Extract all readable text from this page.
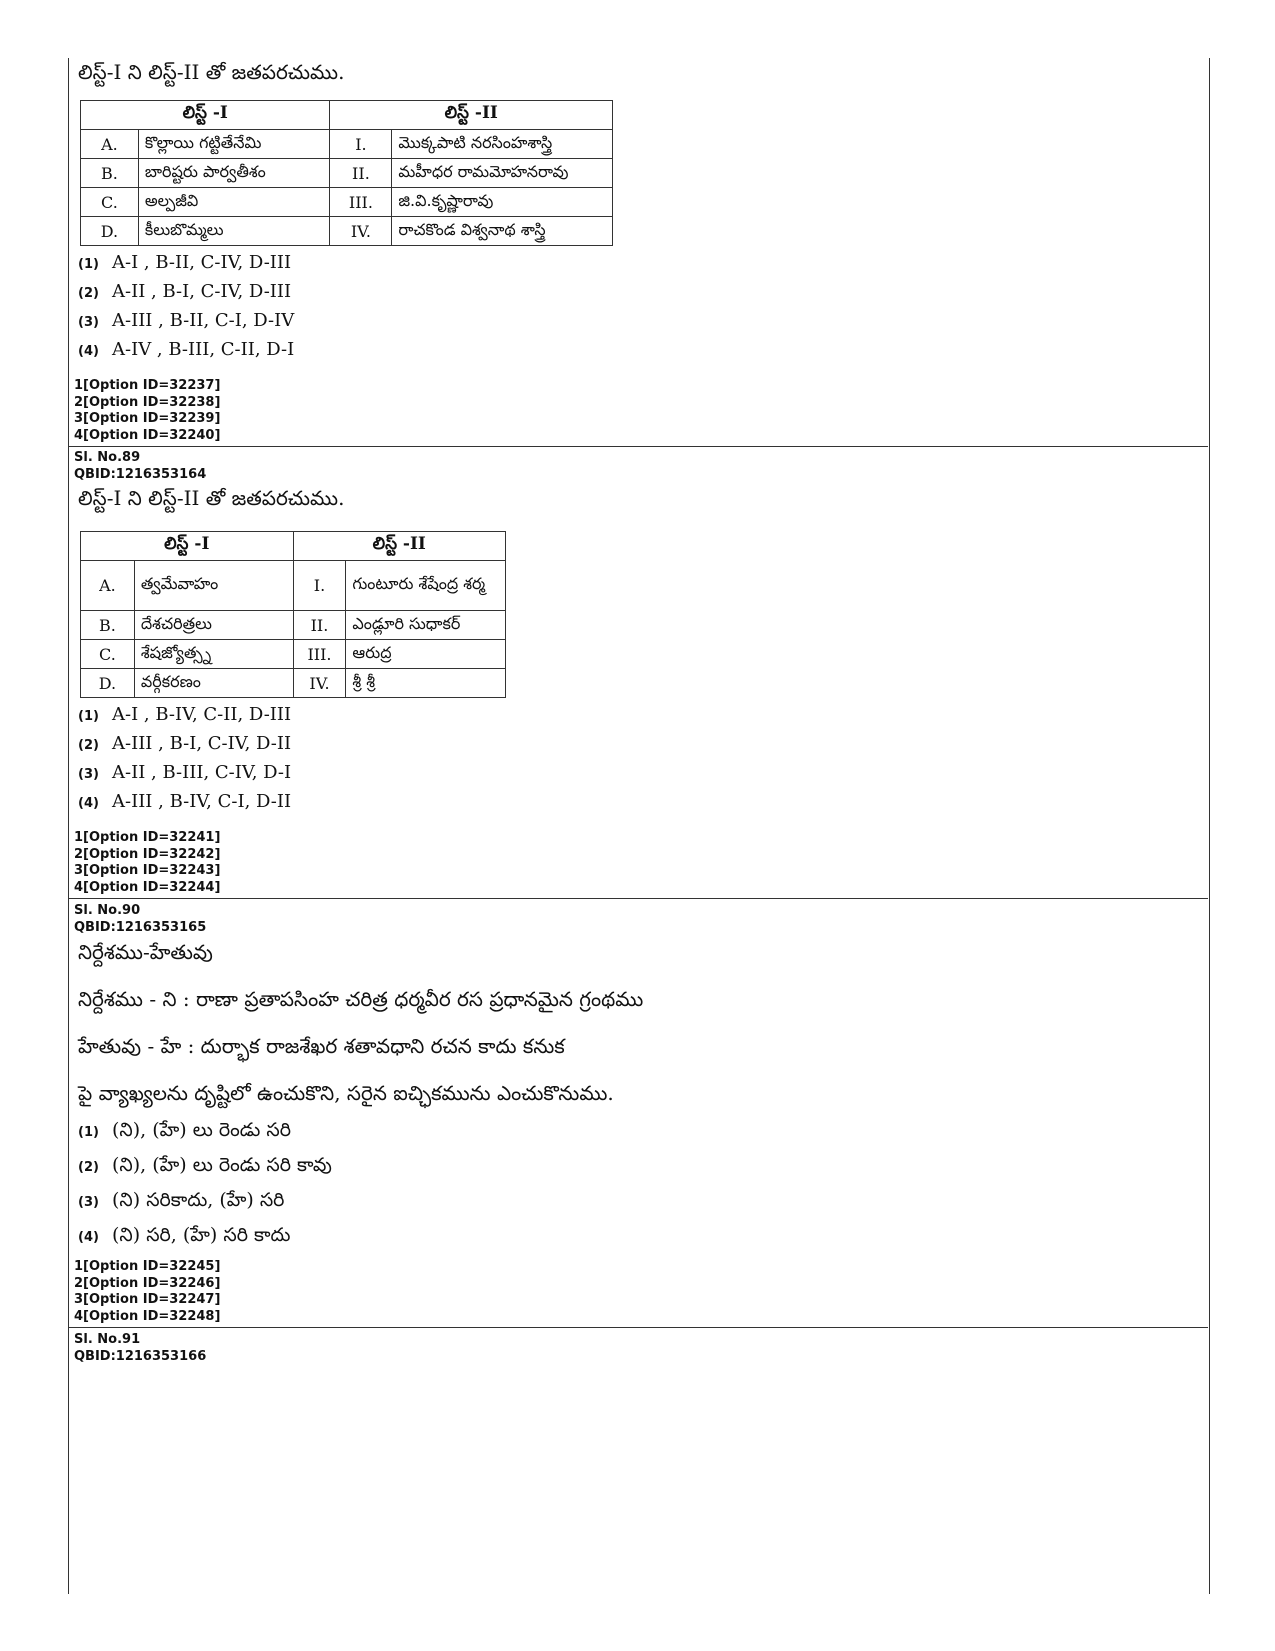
లిస్ట్-I ని లిస్ట్-II తో జతపరచుము.
లిస్ట్ -I		లిస్ట్ -II	
A.	కొల్లాయి గట్టితేనేమి	I.	మొక్కపాటి నరసింహశాస్త్రి
B.	బారిష్టరు పార్వతీశం	II.	మహీధర రామమోహనరావు
C.	అల్పజీవి	III.	జి.వి.కృష్ణారావు
D.	కీలుబొమ్మలు	IV.	రాచకొండ విశ్వనాథ శాస్త్రి
(1) A-I , B-II, C-IV, D-III
(2) A-II , B-I, C-IV, D-III
(3) A-III , B-II, C-I, D-IV
(4) A-IV , B-III, C-II, D-I
1[Option ID=32237]
2[Option ID=32238]
3[Option ID=32239]
4[Option ID=32240]
Sl. No.89
QBID:1216353164
లిస్ట్-I ని లిస్ట్-II తో జతపరచుము.
లిస్ట్ -I		లిస్ట్ -II	
A.	త్వమేవాహం	I.	గుంటూరు శేషేంద్ర శర్మ
B.	దేశచరిత్రలు	II.	ఎండ్లూరి సుధాకర్
C.	శేషజ్యోత్స్న	III.	ఆరుద్ర
D.	వర్గీకరణం	IV.	శ్రీ శ్రీ
(1) A-I , B-IV, C-II, D-III
(2) A-III , B-I, C-IV, D-II
(3) A-II , B-III, C-IV, D-I
(4) A-III , B-IV, C-I, D-II
1[Option ID=32241]
2[Option ID=32242]
3[Option ID=32243]
4[Option ID=32244]
Sl. No.90
QBID:1216353165
నిర్దేశము-హేతువు
నిర్దేశము - ని : రాణా ప్రతాపసింహ చరిత్ర ధర్మవీర రస ప్రధానమైన గ్రంథము
హేతువు - హే : దుర్భాక రాజశేఖర శతావధాని రచన కాదు కనుక
పై వ్యాఖ్యలను దృష్టిలో ఉంచుకొని, సరైన ఐచ్ఛికమును ఎంచుకొనుము.
(1) (ని), (హే) లు రెండు సరి
(2) (ని), (హే) లు రెండు సరి కావు
(3) (ని) సరికాదు, (హే) సరి
(4) (ని) సరి, (హే) సరి కాదు
1[Option ID=32245]
2[Option ID=32246]
3[Option ID=32247]
4[Option ID=32248]
Sl. No.91
QBID:1216353166
